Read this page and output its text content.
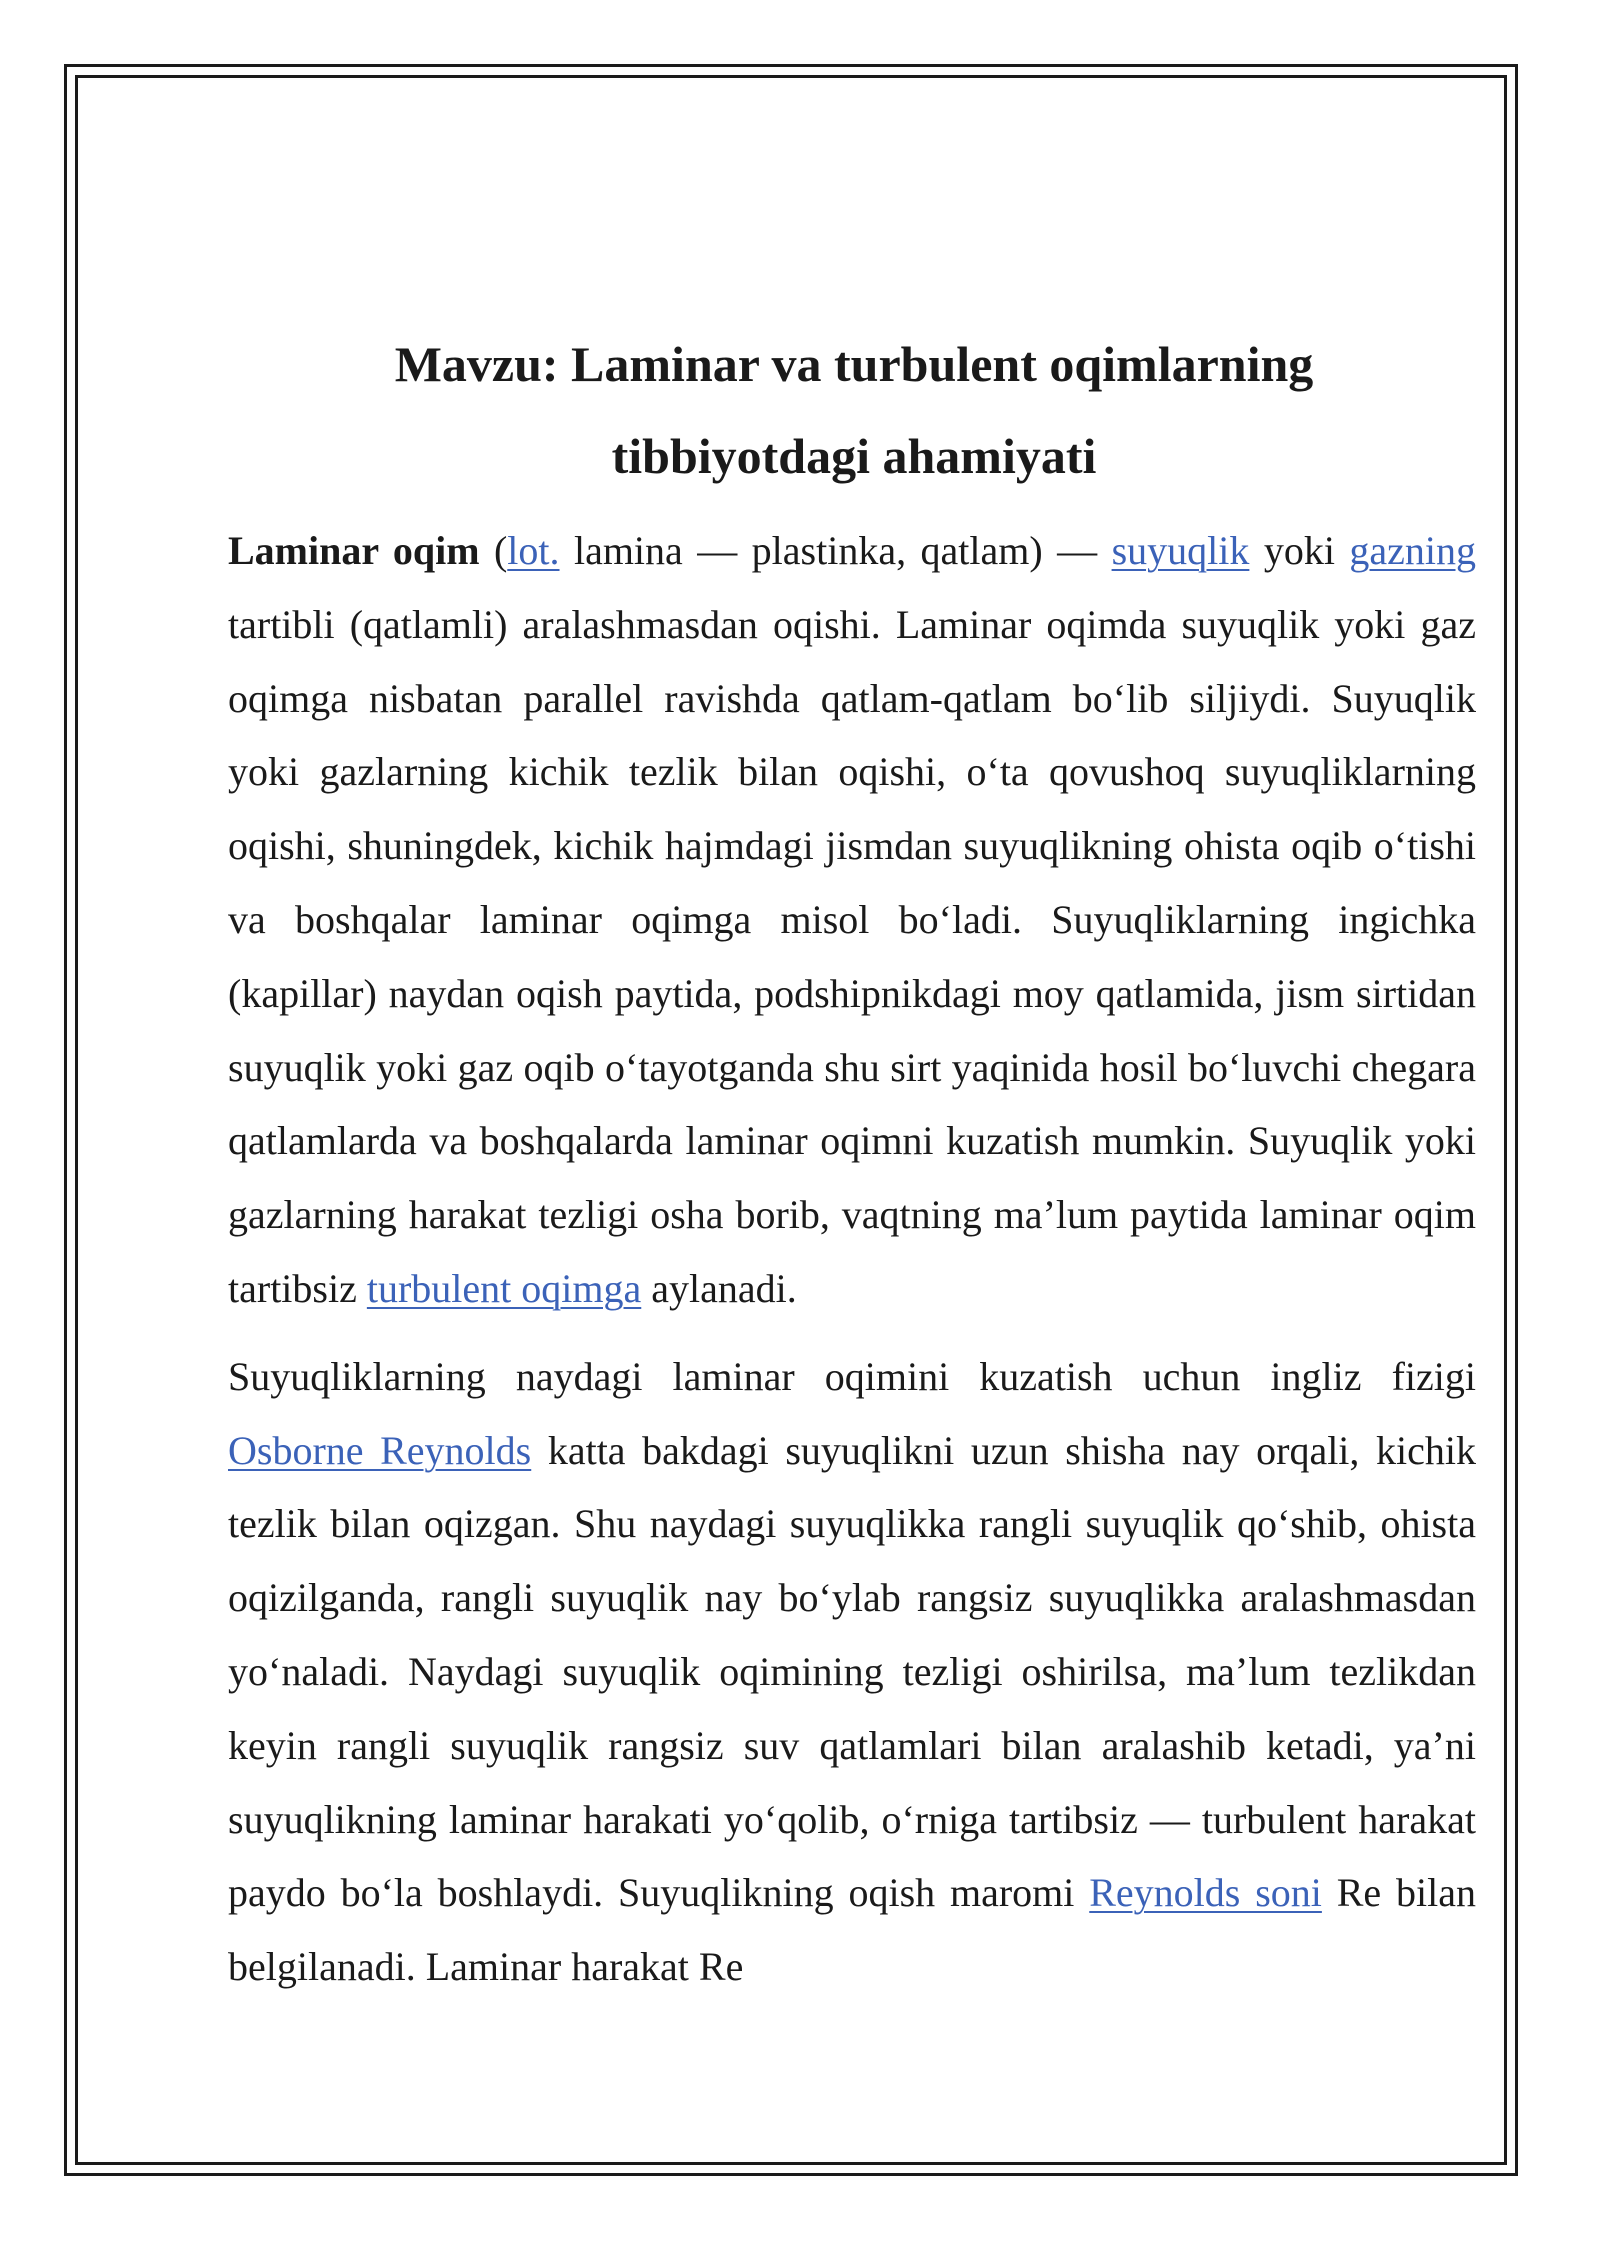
Mavzu: Laminar va turbulent oqimlarning
tibbiyotdagi ahamiyati

Laminar oqim (lot. lamina — plastinka, qatlam) — suyuqlik yoki gazning tartibli (qatlamli) aralashmasdan oqishi. Laminar oqimda suyuqlik yoki gaz oqimga nisbatan parallel ravishda qatlam-qatlam bo‘lib siljiydi. Suyuqlik yoki gazlarning kichik tezlik bilan oqishi, o‘ta qovushoq suyuqliklarning oqishi, shuningdek, kichik hajmdagi jismdan suyuqlikning ohista oqib o‘tishi va boshqalar laminar oqimga misol bo‘ladi. Suyuqliklarning ingichka (kapillar) naydan oqish paytida, podshipnikdagi moy qatlamida, jism sirtidan suyuqlik yoki gaz oqib o‘tayotganda shu sirt yaqinida hosil bo‘luvchi chegara qatlamlarda va boshqalarda laminar oqimni kuzatish mumkin. Suyuqlik yoki gazlarning harakat tezligi osha borib, vaqtning ma’lum paytida laminar oqim tartibsiz turbulent oqimga aylanadi.

Suyuqliklarning naydagi laminar oqimini kuzatish uchun ingliz fizigi Osborne Reynolds katta bakdagi suyuqlikni uzun shisha nay orqali, kichik tezlik bilan oqizgan. Shu naydagi suyuqlikka rangli suyuqlik qo‘shib, ohista oqizilganda, rangli suyuqlik nay bo‘ylab rangsiz suyuqlikka aralashmasdan yo‘naladi. Naydagi suyuqlik oqimining tezligi oshirilsa, ma’lum tezlikdan keyin rangli suyuqlik rangsiz suv qatlamlari bilan aralashib ketadi, ya’ni suyuqlikning laminar harakati yo‘qolib, o‘rniga tartibsiz — turbulent harakat paydo bo‘la boshlaydi. Suyuqlikning oqish maromi Reynolds soni Re bilan belgilanadi. Laminar harakat Re
